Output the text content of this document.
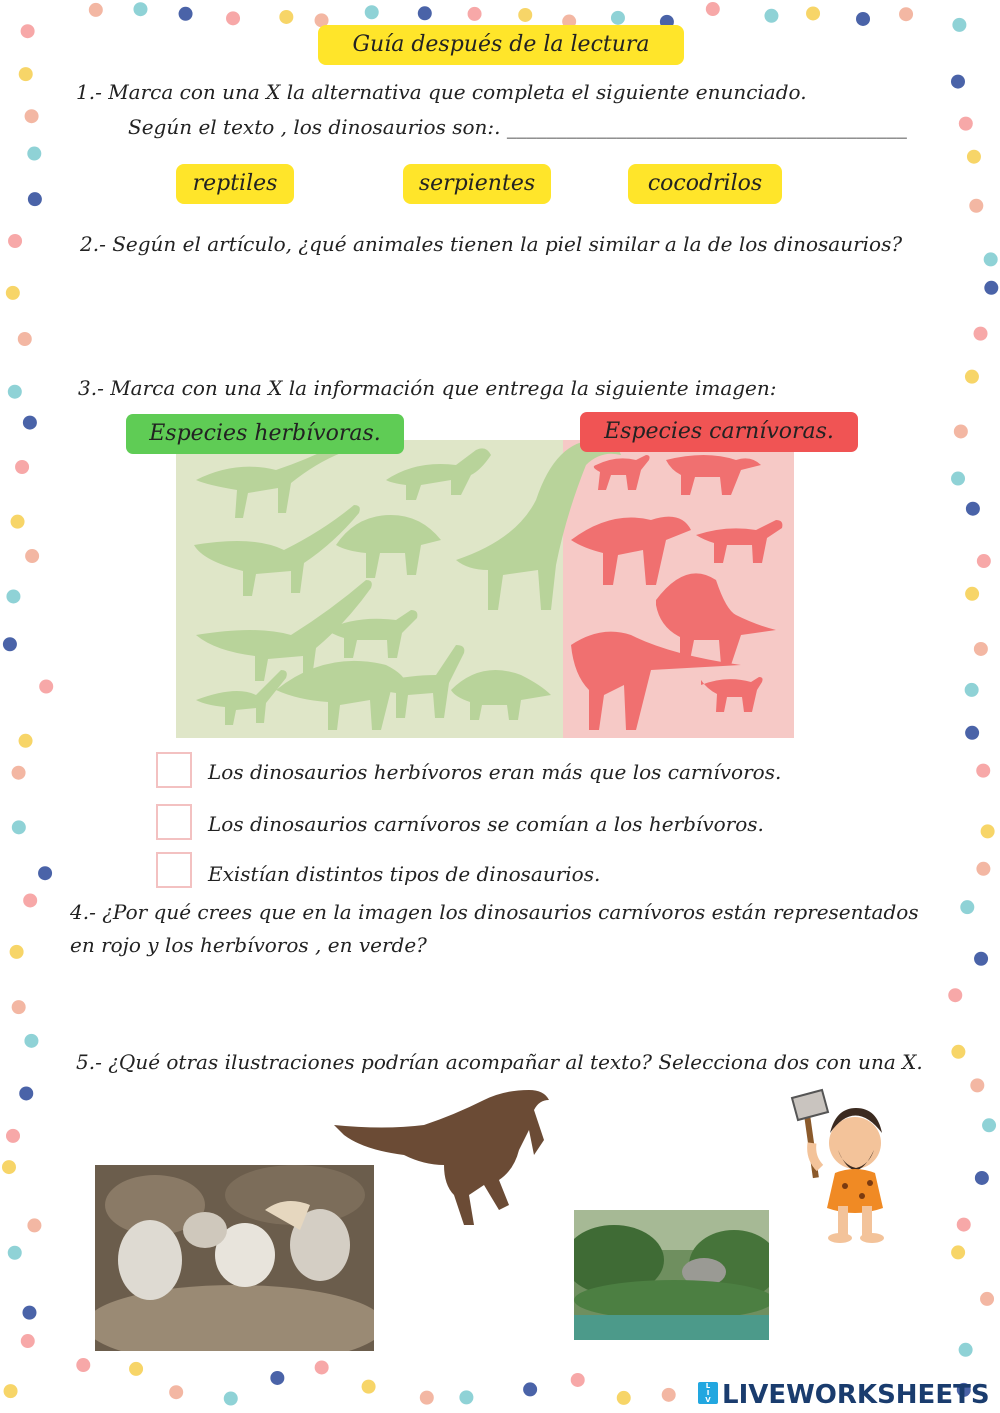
Guía después de la lectura
1.- Marca con una X la alternativa que completa el siguiente enunciado.
Según el texto , los dinosaurios son:. ________________________________________
reptiles	serpientes	cocodrilos
2.- Según el artículo, ¿qué animales tienen la piel similar a la de los dinosaurios?
3.- Marca con una X la información que entrega la siguiente imagen:
Especies herbívoras.	Especies carnívoras.
Los dinosaurios herbívoros eran más que los carnívoros.
Los dinosaurios carnívoros se comían a los herbívoros.
Existían distintos tipos de dinosaurios.
4.- ¿Por qué crees que en la imagen los dinosaurios carnívoros están representados
en rojo y los herbívoros , en verde?
5.- ¿Qué otras ilustraciones podrían acompañar al texto? Selecciona dos con una X.
LIVE LIVEWORKSHEETS
